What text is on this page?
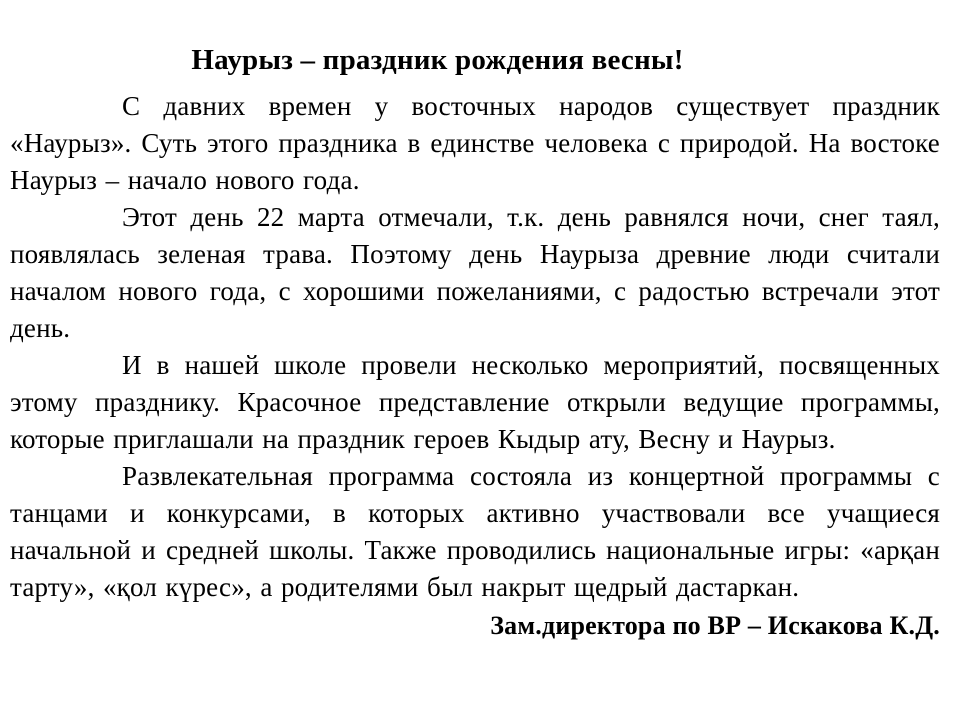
Наурыз – праздник рождения весны!

С давних времен у восточных народов существует праздник «Наурыз». Суть этого праздника в единстве человека с природой. На востоке Наурыз – начало нового года.

Этот день 22 марта отмечали, т.к. день равнялся ночи, снег таял, появлялась зеленая трава. Поэтому день Наурыза древние люди считали началом нового года, с хорошими пожеланиями, с радостью встречали этот день.

И в нашей школе провели несколько мероприятий, посвященных этому празднику. Красочное представление открыли ведущие программы, которые приглашали на праздник героев Кыдыр ату, Весну и Наурыз.

Развлекательная программа состояла из концертной программы с танцами и конкурсами, в которых активно участвовали все учащиеся начальной и средней школы. Также проводились национальные игры: «арқан тарту», «қол күрес», а родителями был накрыт щедрый дастаркан.

Зам.директора по ВР – Искакова К.Д.
